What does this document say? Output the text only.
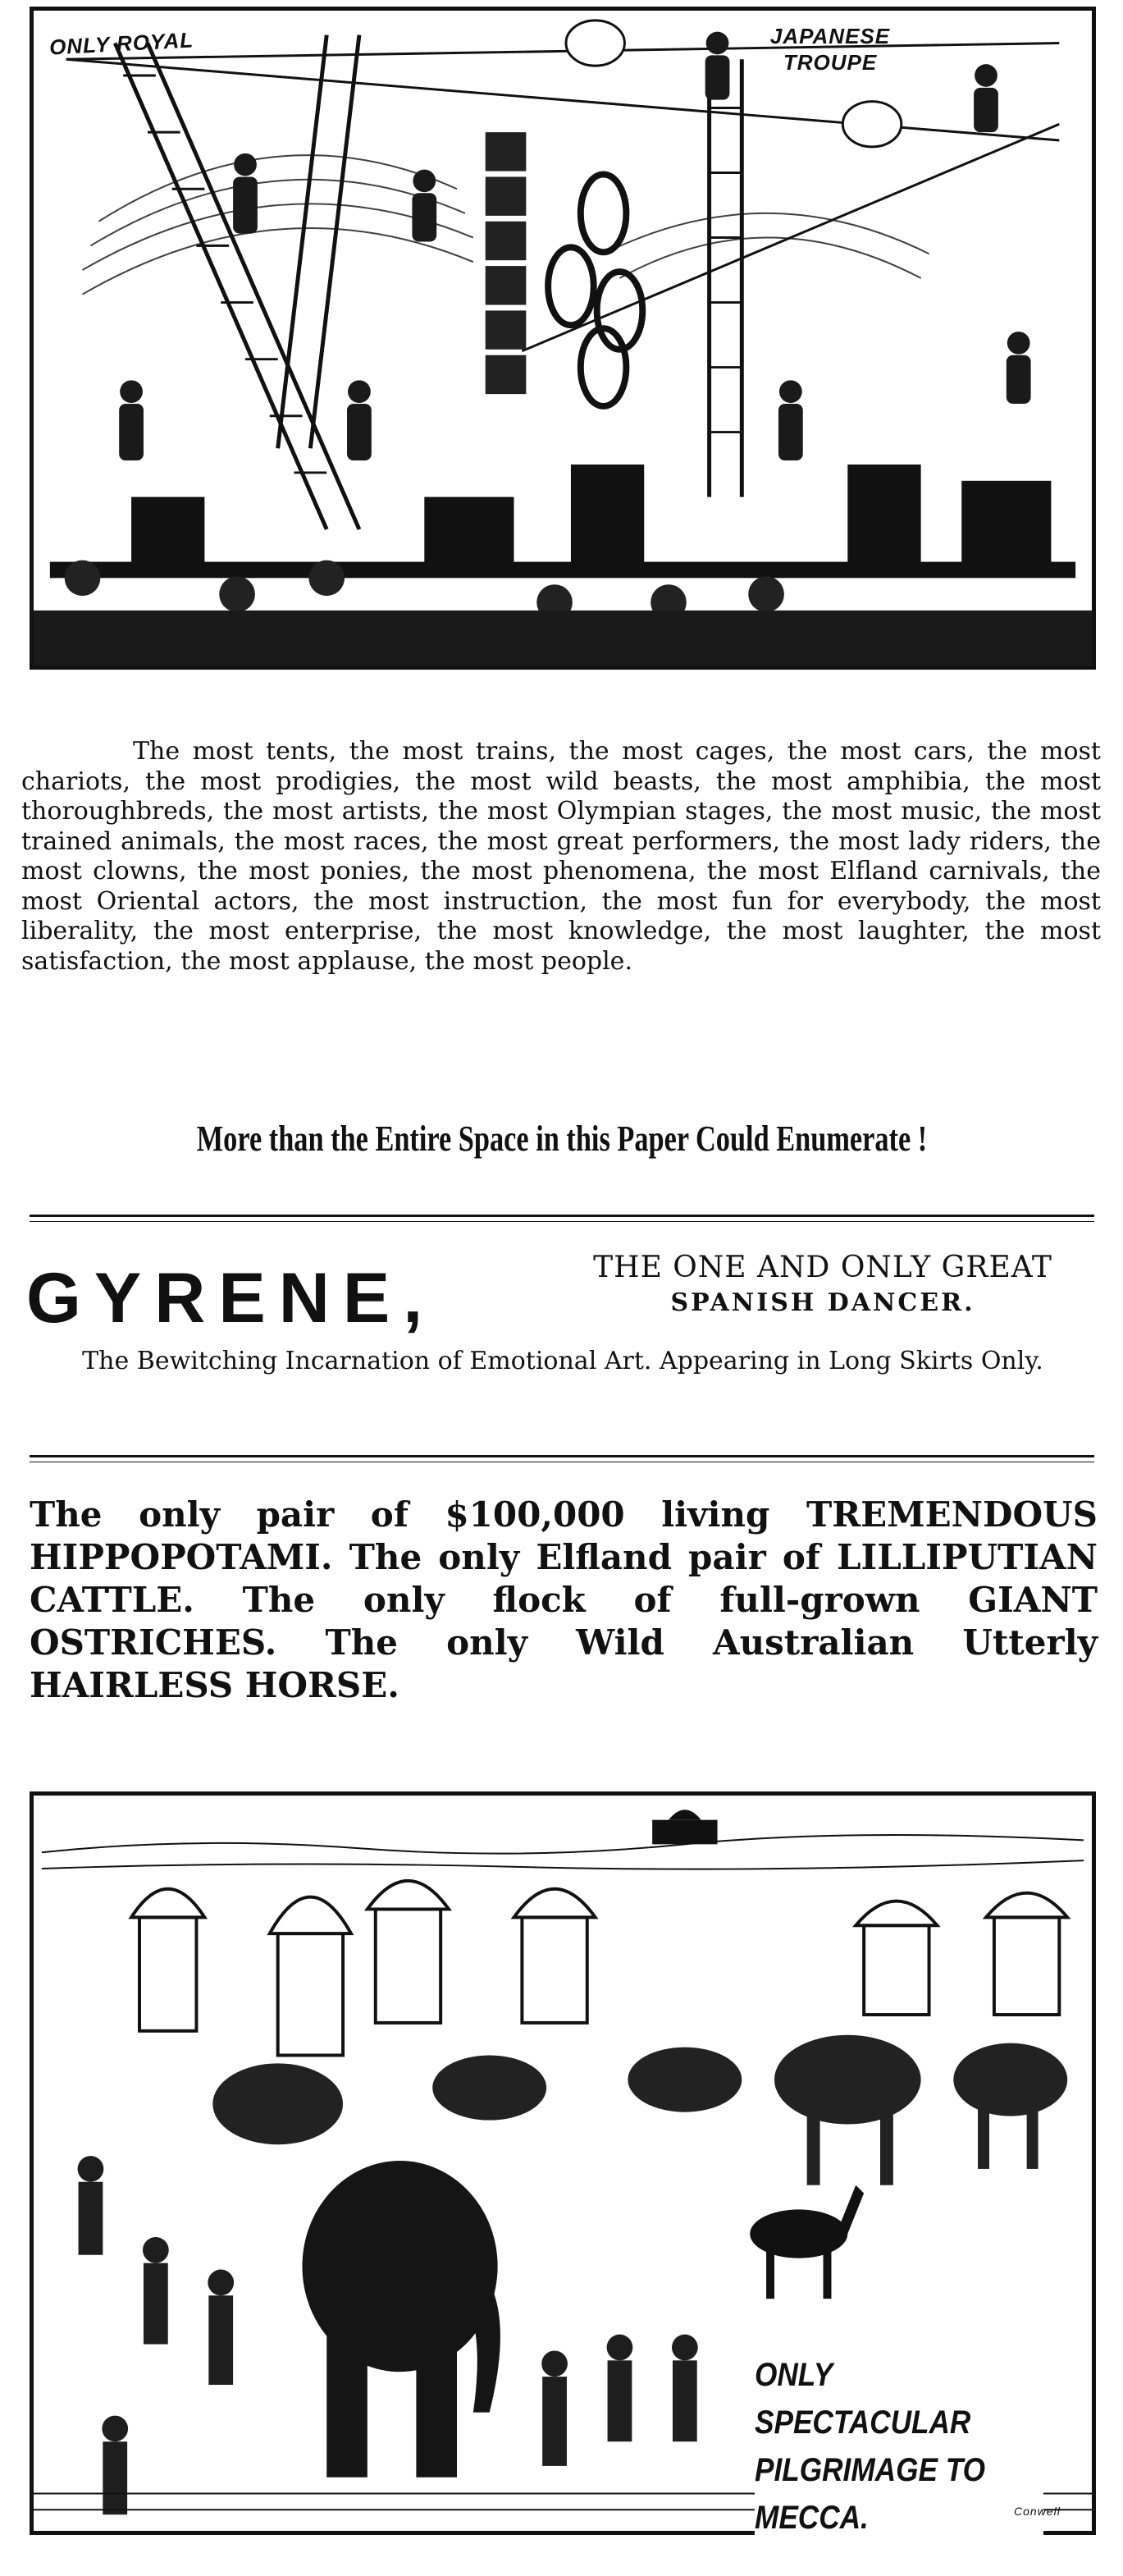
ONLY ROYAL	JAPANESE TROUPE

The most tents, the most trains, the most cages, the most cars, the most chariots, the most prodigies, the most wild beasts, the most amphibia, the most thoroughbreds, the most artists, the most Olympian stages, the most music, the most trained animals, the most races, the most great performers, the most lady riders, the most clowns, the most ponies, the most phenomena, the most Elfland carnivals, the most Oriental actors, the most instruction, the most fun for everybody, the most liberality, the most enterprise, the most knowledge, the most laughter, the most satisfaction, the most applause, the most people.

More than the Entire Space in this Paper Could Enumerate !
GYRENE,	THE ONE AND ONLY GREAT
SPANISH DANCER.
The Bewitching Incarnation of Emotional Art. Appearing in Long Skirts Only.

The only pair of $100,000 living TREMENDOUS HIPPOPOTAMI. The only Elfland pair of LILLIPUTIAN CATTLE. The only flock of full-grown GIANT OSTRICHES. The only Wild Australian Utterly HAIRLESS HORSE.

ONLY SPECTACULAR PILGRIMAGE TO MECCA.	Conwell
